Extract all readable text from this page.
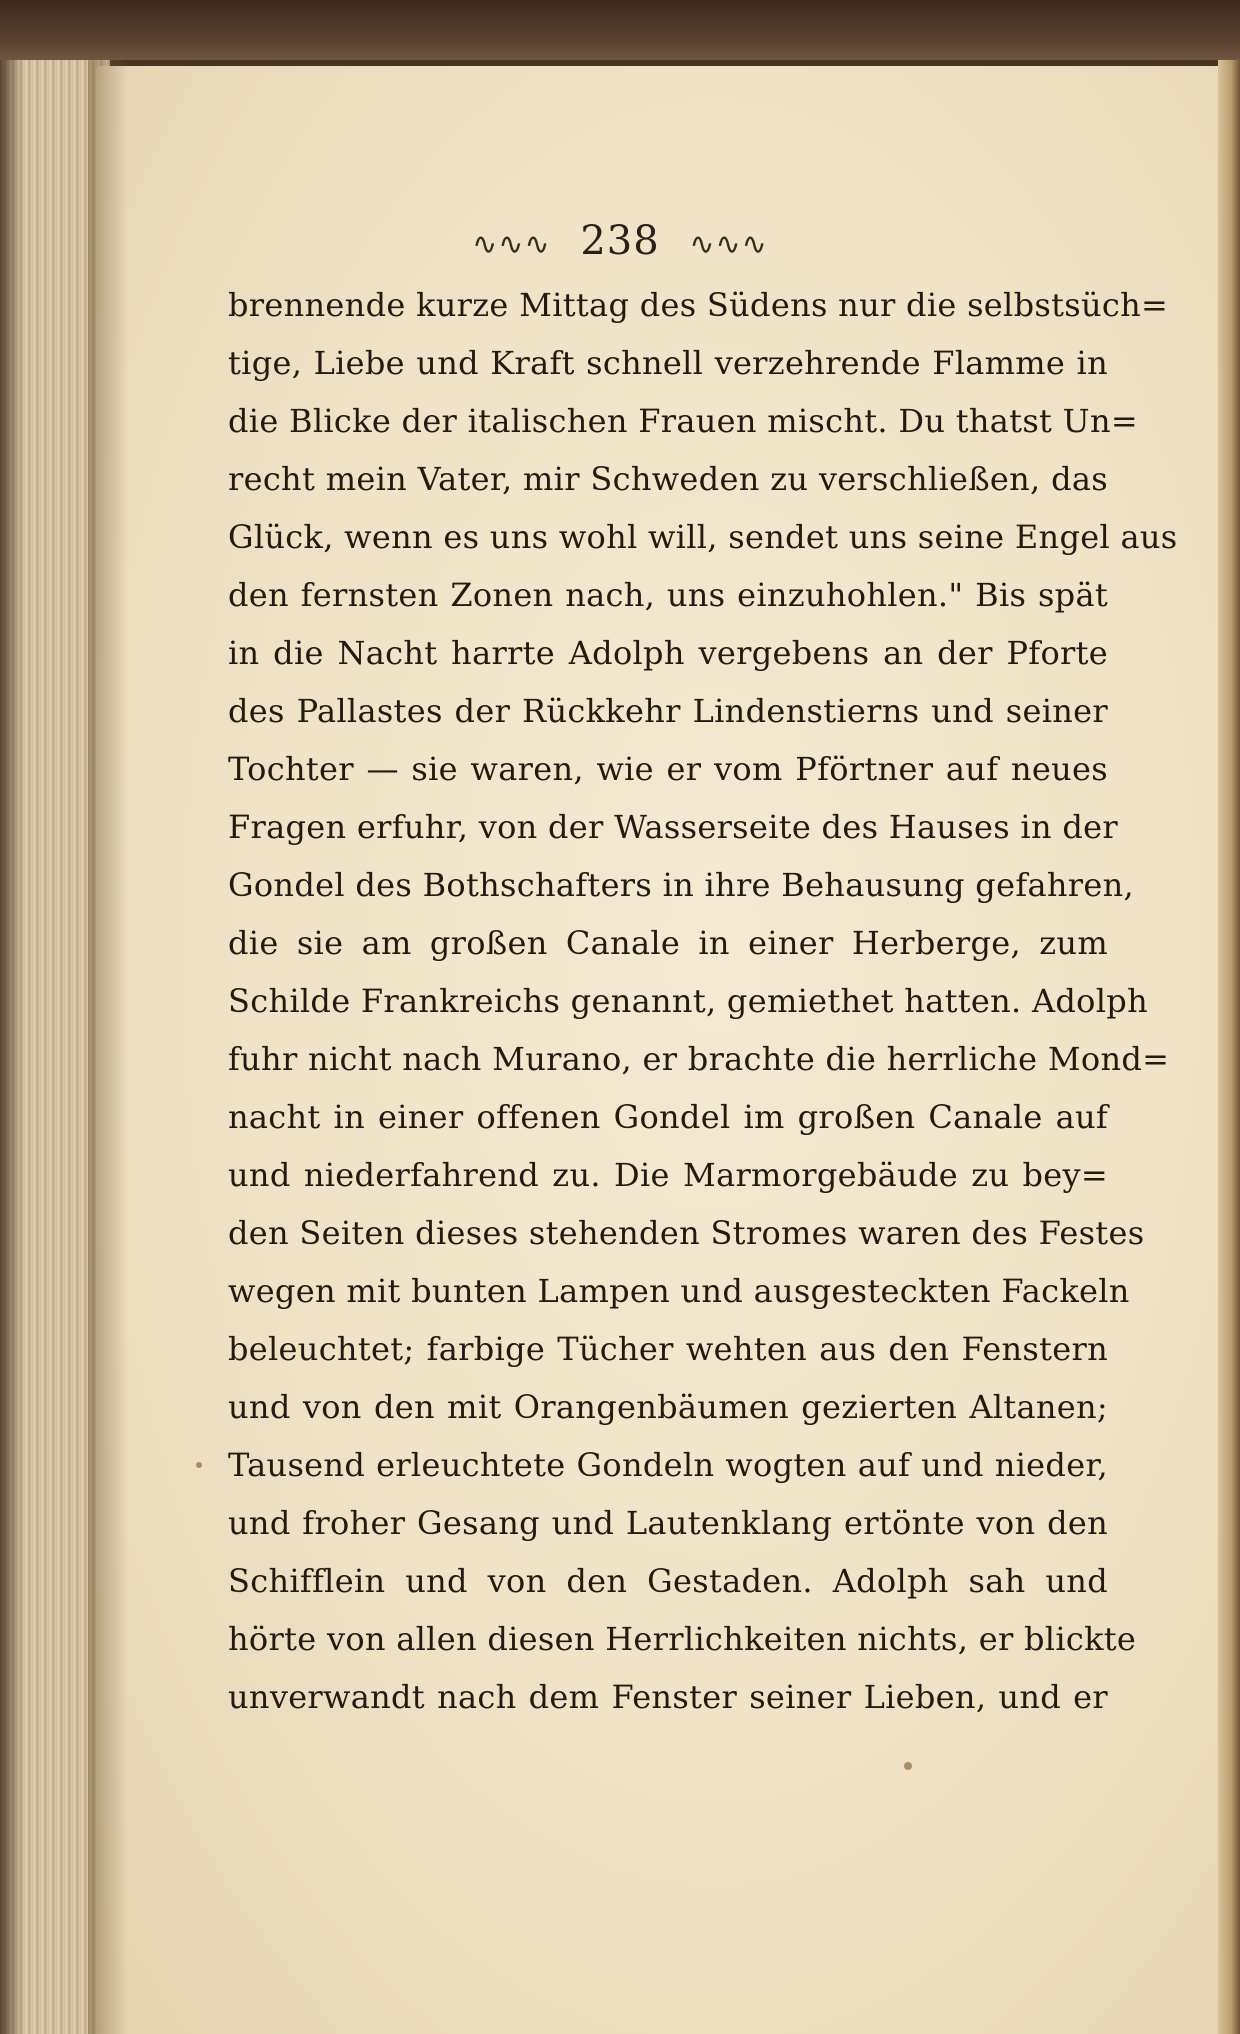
∿∿∿ 238 ∿∿∿
brennende kurze Mittag des Südens nur die selbstsüch=
tige, Liebe und Kraft schnell verzehrende Flamme in
die Blicke der italischen Frauen mischt. Du thatst Un=
recht mein Vater, mir Schweden zu verschließen, das
Glück, wenn es uns wohl will, sendet uns seine Engel aus
den fernsten Zonen nach, uns einzuhohlen." Bis spät
in die Nacht harrte Adolph vergebens an der Pforte
des Pallastes der Rückkehr Lindenstierns und seiner
Tochter — sie waren, wie er vom Pförtner auf neues
Fragen erfuhr, von der Wasserseite des Hauses in der
Gondel des Bothschafters in ihre Behausung gefahren,
die sie am großen Canale in einer Herberge, zum
Schilde Frankreichs genannt, gemiethet hatten. Adolph
fuhr nicht nach Murano, er brachte die herrliche Mond=
nacht in einer offenen Gondel im großen Canale auf
und niederfahrend zu. Die Marmorgebäude zu bey=
den Seiten dieses stehenden Stromes waren des Festes
wegen mit bunten Lampen und ausgesteckten Fackeln
beleuchtet; farbige Tücher wehten aus den Fenstern
und von den mit Orangenbäumen gezierten Altanen;
Tausend erleuchtete Gondeln wogten auf und nieder,
und froher Gesang und Lautenklang ertönte von den
Schifflein und von den Gestaden. Adolph sah und
hörte von allen diesen Herrlichkeiten nichts, er blickte
unverwandt nach dem Fenster seiner Lieben, und er
